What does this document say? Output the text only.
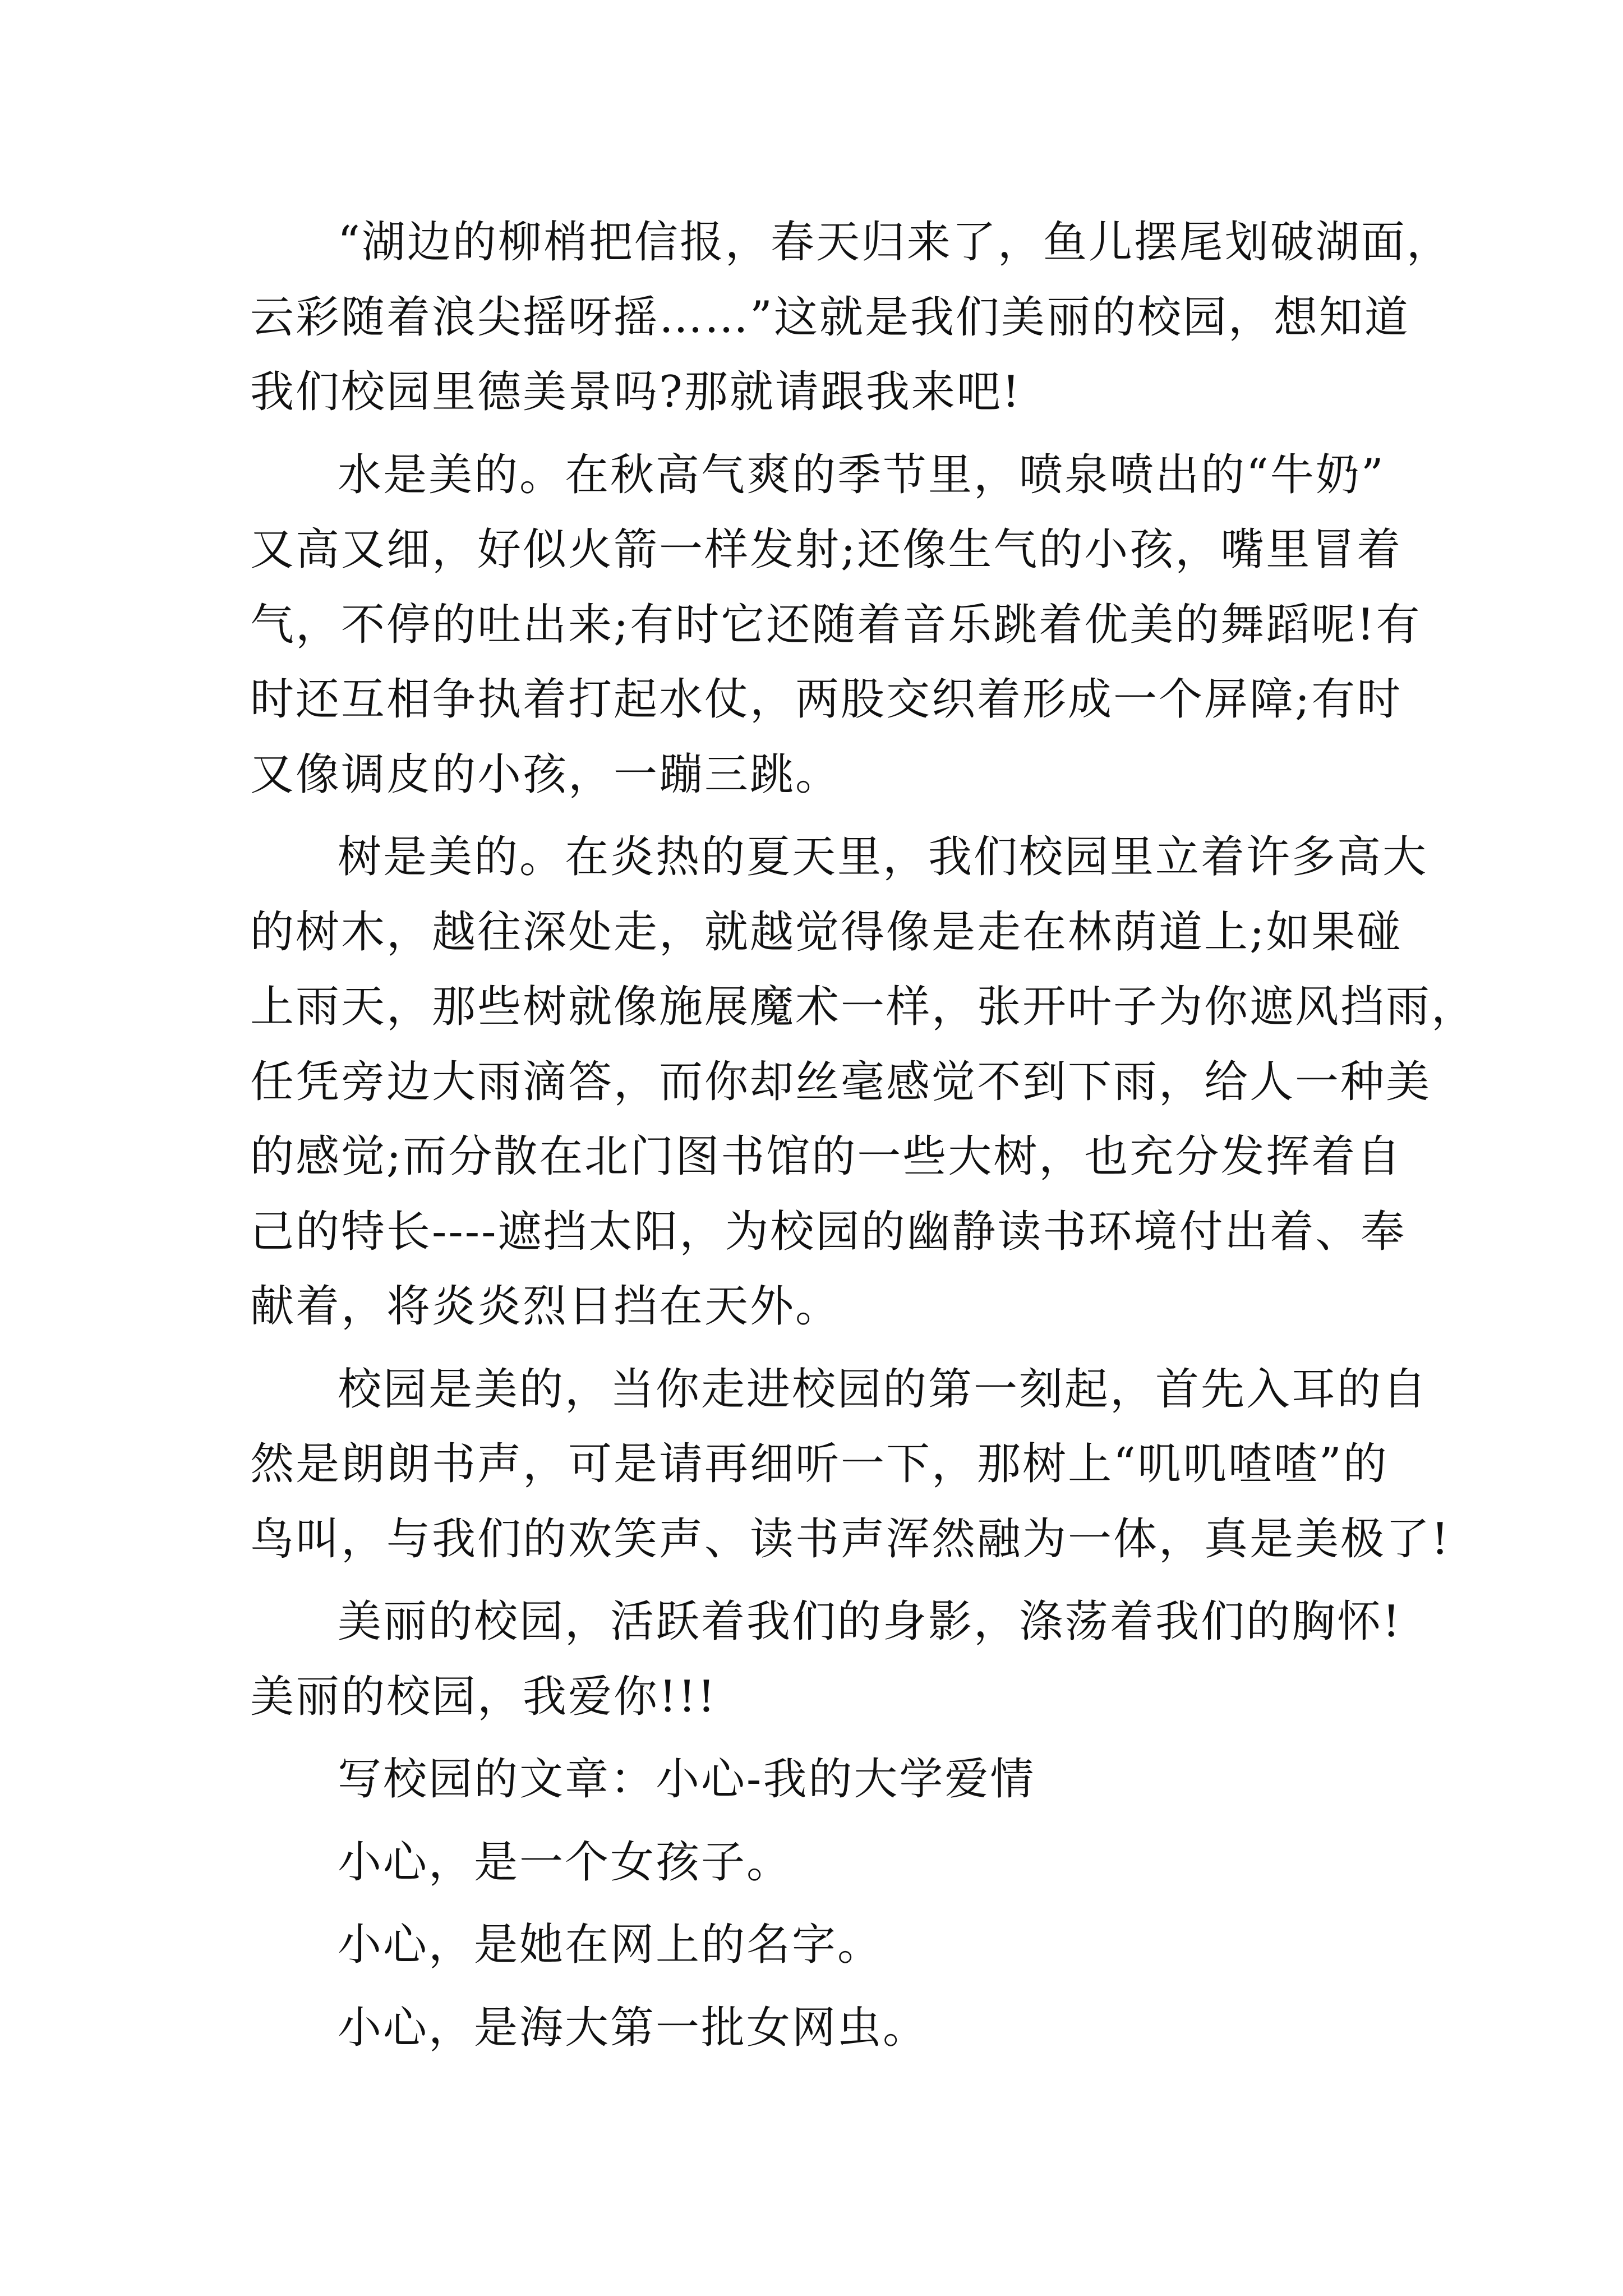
“湖边的柳梢把信报，春天归来了，鱼儿摆尾划破湖面，
云彩随着浪尖摇呀摇……”这就是我们美丽的校园，想知道
我们校园里德美景吗?那就请跟我来吧!
水是美的。在秋高气爽的季节里，喷泉喷出的“牛奶”
又高又细，好似火箭一样发射;还像生气的小孩，嘴里冒着
气，不停的吐出来;有时它还随着音乐跳着优美的舞蹈呢!有
时还互相争执着打起水仗，两股交织着形成一个屏障;有时
又像调皮的小孩，一蹦三跳。
树是美的。在炎热的夏天里，我们校园里立着许多高大
的树木，越往深处走，就越觉得像是走在林荫道上;如果碰
上雨天，那些树就像施展魔术一样，张开叶子为你遮风挡雨，
任凭旁边大雨滴答，而你却丝毫感觉不到下雨，给人一种美
的感觉;而分散在北门图书馆的一些大树，也充分发挥着自
己的特长----遮挡太阳，为校园的幽静读书环境付出着、奉
献着，将炎炎烈日挡在天外。
校园是美的，当你走进校园的第一刻起，首先入耳的自
然是朗朗书声，可是请再细听一下，那树上“叽叽喳喳”的
鸟叫，与我们的欢笑声、读书声浑然融为一体，真是美极了!
美丽的校园，活跃着我们的身影，涤荡着我们的胸怀!
美丽的校园，我爱你!!!
写校园的文章：小心-我的大学爱情
小心，是一个女孩子。
小心，是她在网上的名字。
小心，是海大第一批女网虫。
